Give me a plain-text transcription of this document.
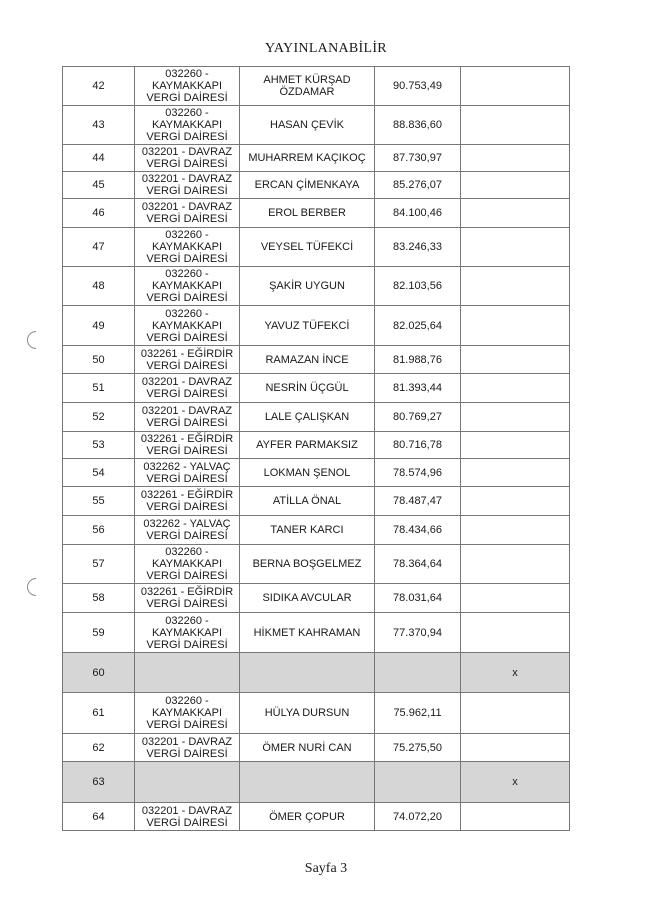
YAYINLANABİLİR
42	032260 -
KAYMAKKAPI
VERGİ DAİRESİ	AHMET KÜRŞAD ÖZDAMAR	90.753,49	
43	032260 -
KAYMAKKAPI
VERGİ DAİRESİ	HASAN ÇEVİK	88.836,60	
44	032201 - DAVRAZ
VERGİ DAİRESİ	MUHARREM KAÇIKOÇ	87.730,97	
45	032201 - DAVRAZ
VERGİ DAİRESİ	ERCAN ÇİMENKAYA	85.276,07	
46	032201 - DAVRAZ
VERGİ DAİRESİ	EROL BERBER	84.100,46	
47	032260 -
KAYMAKKAPI
VERGİ DAİRESİ	VEYSEL TÜFEKCİ	83.246,33	
48	032260 -
KAYMAKKAPI
VERGİ DAİRESİ	ŞAKİR UYGUN	82.103,56	
49	032260 -
KAYMAKKAPI
VERGİ DAİRESİ	YAVUZ TÜFEKCİ	82.025,64	
50	032261 - EĞİRDİR
VERGİ DAİRESİ	RAMAZAN İNCE	81.988,76	
51	032201 - DAVRAZ
VERGİ DAİRESİ	NESRİN ÜÇGÜL	81.393,44	
52	032201 - DAVRAZ
VERGİ DAİRESİ	LALE ÇALIŞKAN	80.769,27	
53	032261 - EĞİRDİR
VERGİ DAİRESİ	AYFER PARMAKSIZ	80.716,78	
54	032262 - YALVAÇ
VERGİ DAİRESİ	LOKMAN ŞENOL	78.574,96	
55	032261 - EĞİRDİR
VERGİ DAİRESİ	ATİLLA ÖNAL	78.487,47	
56	032262 - YALVAÇ
VERGİ DAİRESİ	TANER KARCI	78.434,66	
57	032260 -
KAYMAKKAPI
VERGİ DAİRESİ	BERNA BOŞGELMEZ	78.364,64	
58	032261 - EĞİRDİR
VERGİ DAİRESİ	SIDIKA AVCULAR	78.031,64	
59	032260 -
KAYMAKKAPI
VERGİ DAİRESİ	HİKMET KAHRAMAN	77.370,94	
60				x
61	032260 -
KAYMAKKAPI
VERGİ DAİRESİ	HÜLYA DURSUN	75.962,11	
62	032201 - DAVRAZ
VERGİ DAİRESİ	ÖMER NURİ CAN	75.275,50	
63				x
64	032201 - DAVRAZ
VERGİ DAİRESİ	ÖMER ÇOPUR	74.072,20	
Sayfa 3
